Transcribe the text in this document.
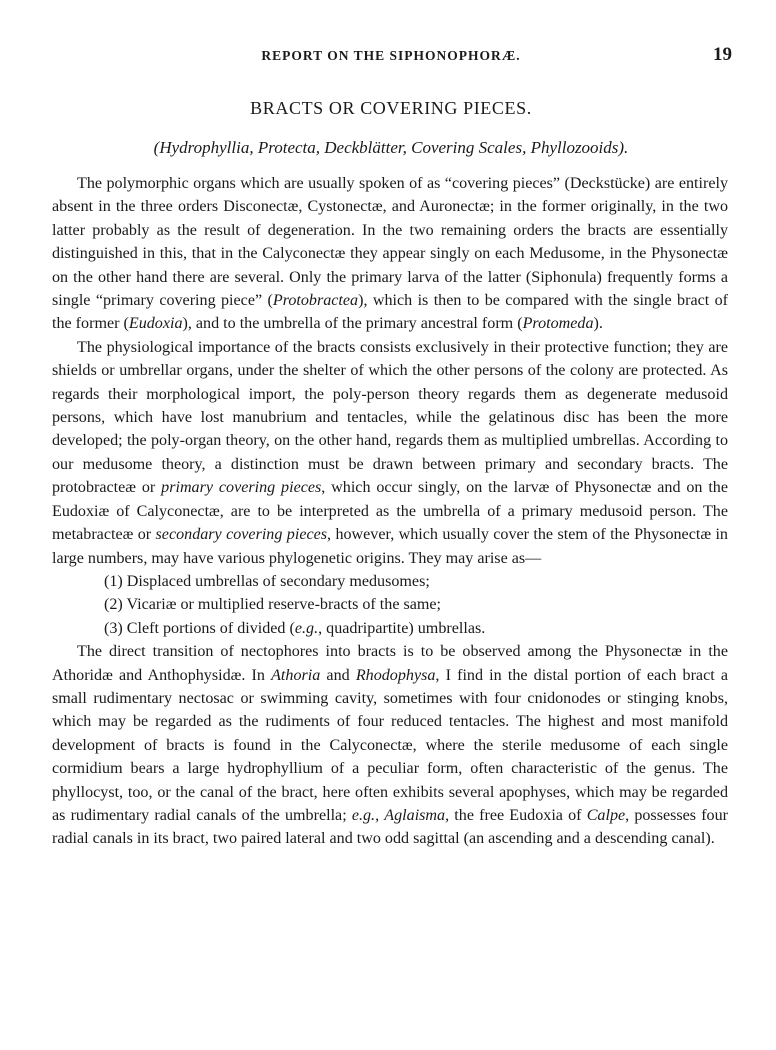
REPORT ON THE SIPHONOPHORÆ.	19
BRACTS OR COVERING PIECES.
(Hydrophyllia, Protecta, Deckblätter, Covering Scales, Phyllozooids).

The polymorphic organs which are usually spoken of as “covering pieces” (Deckstücke) are entirely absent in the three orders Disconectæ, Cystonectæ, and Auronectæ; in the former originally, in the two latter probably as the result of degeneration. In the two remaining orders the bracts are essentially distinguished in this, that in the Calyconectæ they appear singly on each Medusome, in the Physonectæ on the other hand there are several. Only the primary larva of the latter (Siphonula) frequently forms a single “primary covering piece” (Protobractea), which is then to be compared with the single bract of the former (Eudoxia), and to the umbrella of the primary ancestral form (Protomeda).

The physiological importance of the bracts consists exclusively in their protective function; they are shields or umbrellar organs, under the shelter of which the other persons of the colony are protected. As regards their morphological import, the poly-person theory regards them as degenerate medusoid persons, which have lost manubrium and tentacles, while the gelatinous disc has been the more developed; the poly-organ theory, on the other hand, regards them as multiplied umbrellas. According to our medusome theory, a distinction must be drawn between primary and secondary bracts. The protobracteæ or primary covering pieces, which occur singly, on the larvæ of Physonectæ and on the Eudoxiæ of Calyconectæ, are to be interpreted as the umbrella of a primary medusoid person. The metabracteæ or secondary covering pieces, however, which usually cover the stem of the Physonectæ in large numbers, may have various phylogenetic origins. They may arise as—

(1) Displaced umbrellas of secondary medusomes;
(2) Vicariæ or multiplied reserve-bracts of the same;
(3) Cleft portions of divided (e.g., quadripartite) umbrellas.

The direct transition of nectophores into bracts is to be observed among the Physonectæ in the Athoridæ and Anthophysidæ. In Athoria and Rhodophysa, I find in the distal portion of each bract a small rudimentary nectosac or swimming cavity, sometimes with four cnidonodes or stinging knobs, which may be regarded as the rudiments of four reduced tentacles. The highest and most manifold development of bracts is found in the Calyconectæ, where the sterile medusome of each single cormidium bears a large hydrophyllium of a peculiar form, often characteristic of the genus. The phyllocyst, too, or the canal of the bract, here often exhibits several apophyses, which may be regarded as rudimentary radial canals of the umbrella; e.g., Aglaisma, the free Eudoxia of Calpe, possesses four radial canals in its bract, two paired lateral and two odd sagittal (an ascending and a descending canal).
